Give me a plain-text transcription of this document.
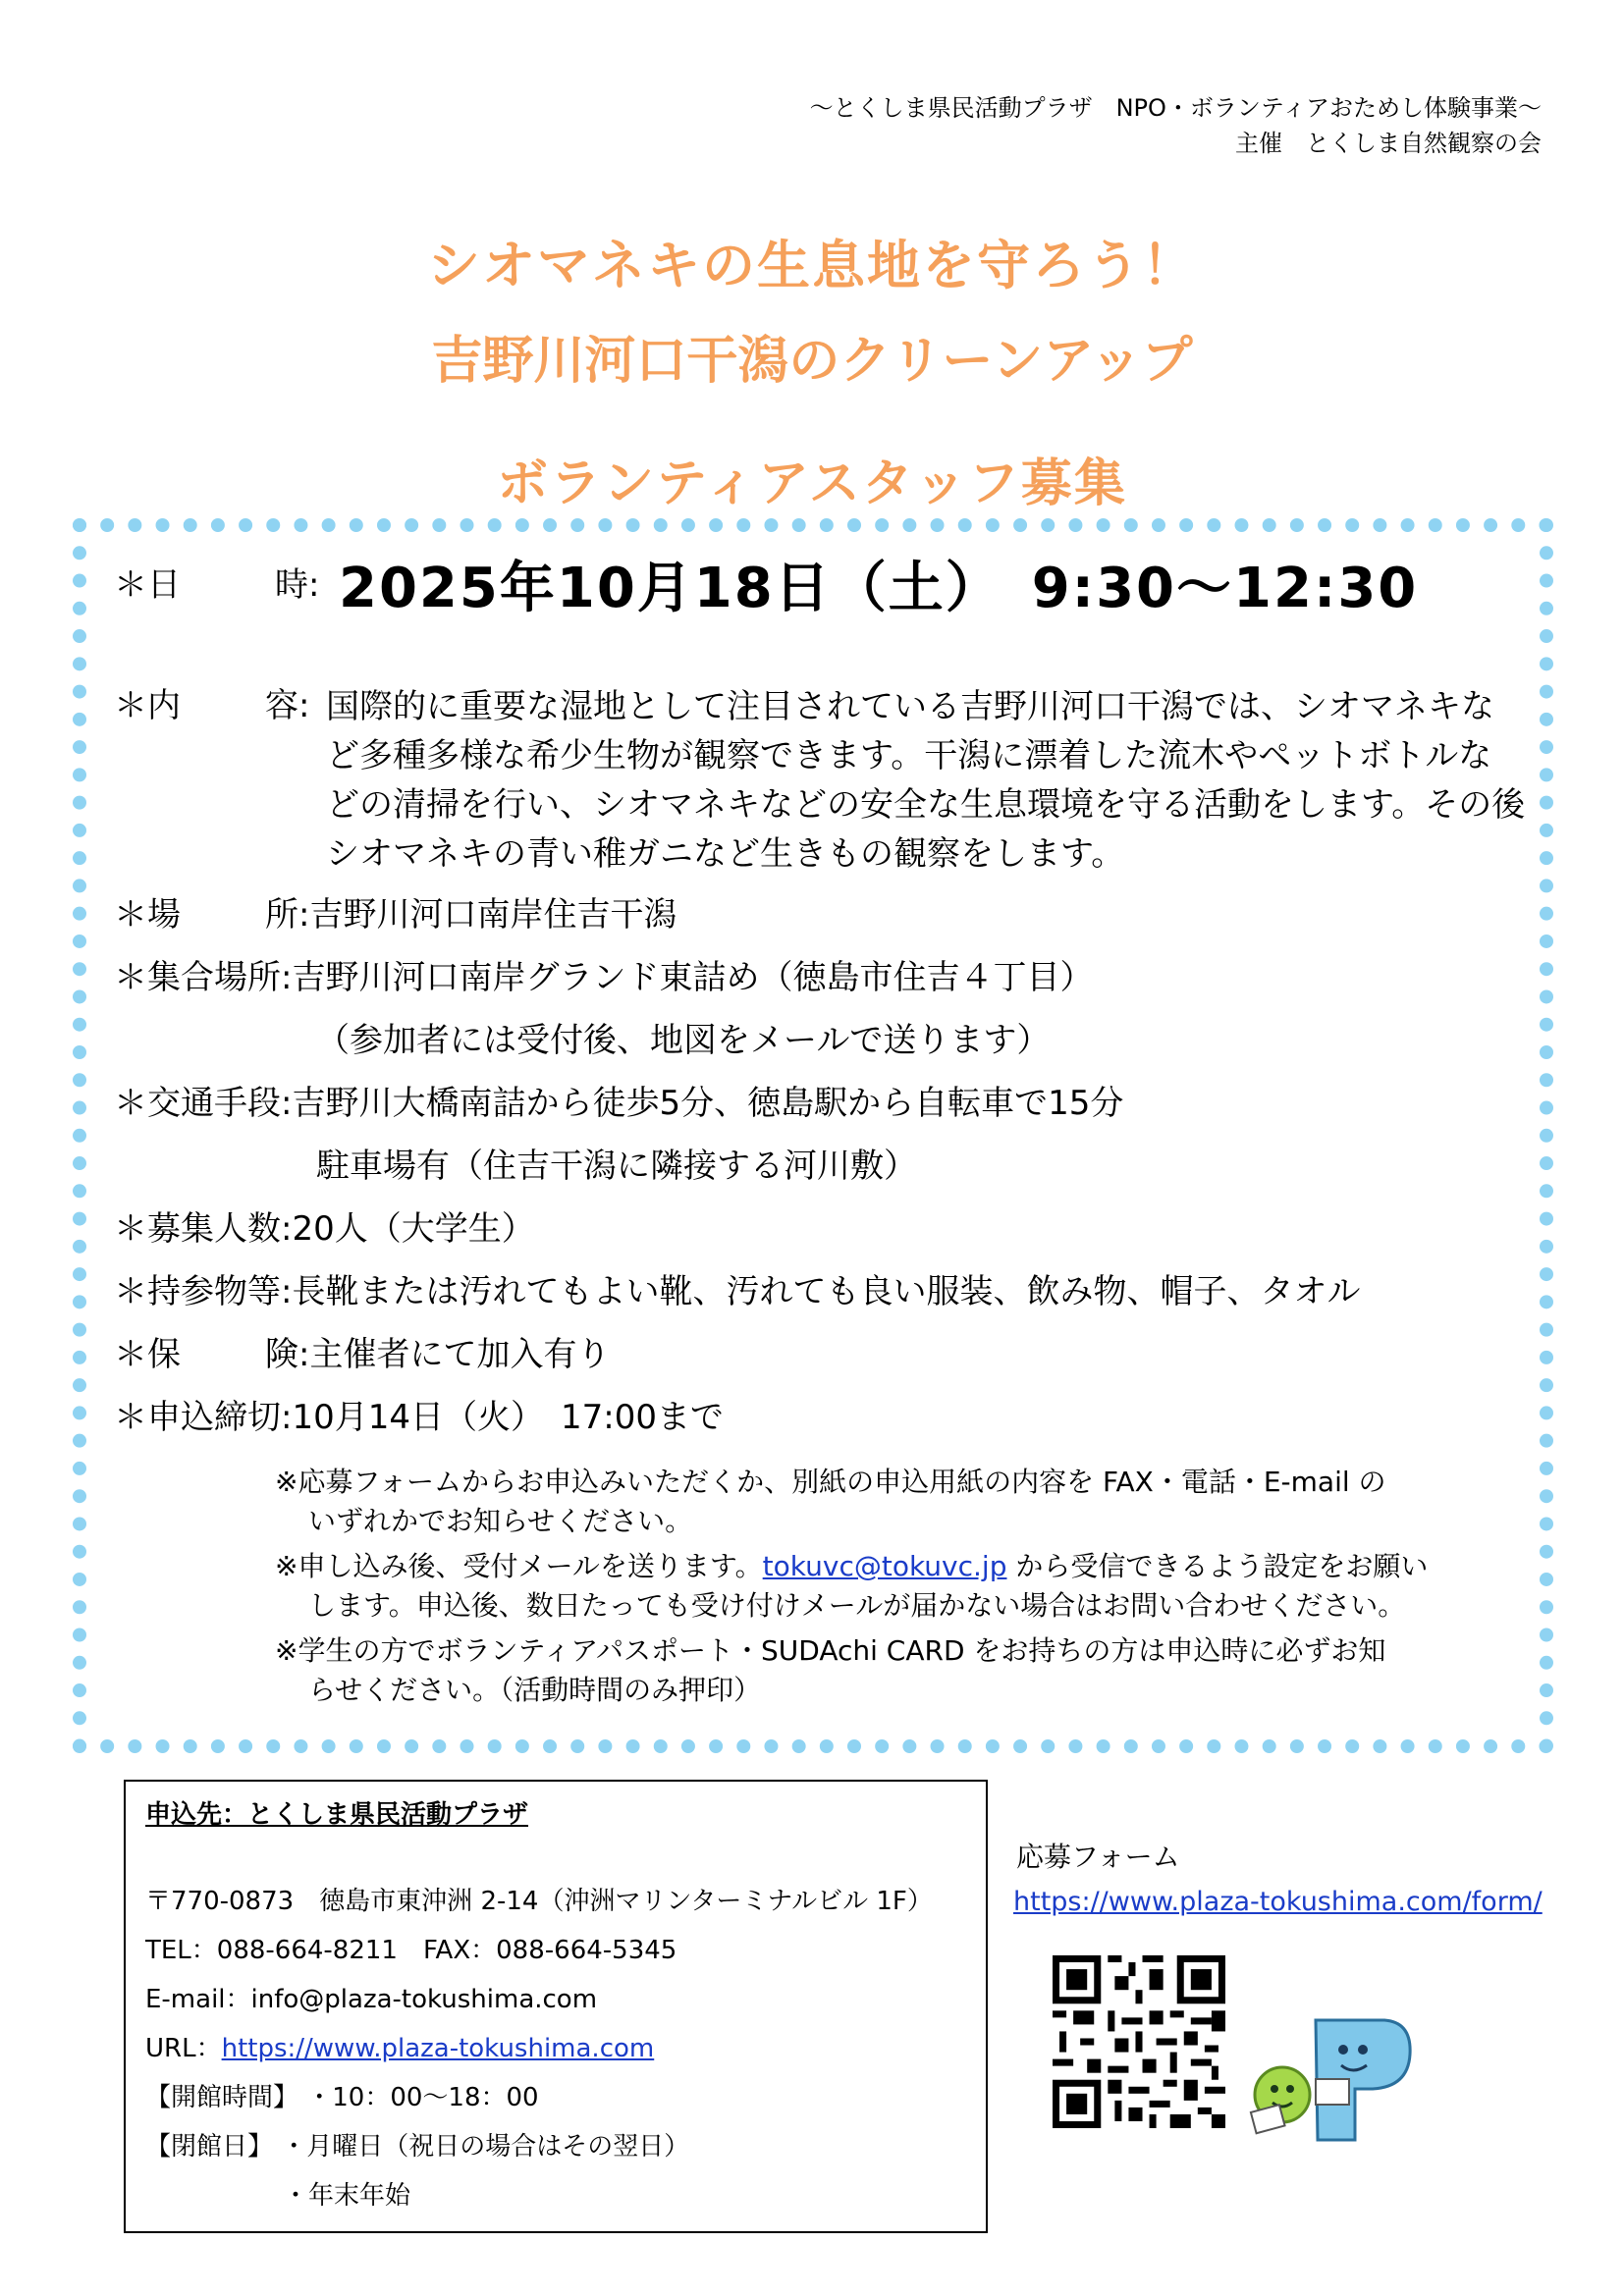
〜とくしま県民活動プラザ　NPO・ボランティアおためし体験事業〜
主催　とくしま自然観察の会
シオマネキの生息地を守ろう！
吉野川河口干潟のクリーンアップ
ボランティアスタッフ募集
＊日	時: 2025年10月18日（土）　9:30〜12:30
＊内	容: 国際的に重要な湿地として注目されている吉野川河口干潟では、シオマネキな
ど多種多様な希少生物が観察できます。干潟に漂着した流木やペットボトルな
どの清掃を行い、シオマネキなどの安全な生息環境を守る活動をします。その後
シオマネキの青い稚ガニなど生きもの観察をします。
＊場	所:吉野川河口南岸住吉干潟
＊集合場所:吉野川河口南岸グランド東詰め（徳島市住吉４丁目）
（参加者には受付後、地図をメールで送ります）
＊交通手段:吉野川大橋南詰から徒歩5分、徳島駅から自転車で15分
駐車場有（住吉干潟に隣接する河川敷）
＊募集人数:20人（大学生）
＊持参物等:長靴または汚れてもよい靴、汚れても良い服装、飲み物、帽子、タオル
＊保	険:主催者にて加入有り
＊申込締切:10月14日（火）　17:00まで
※応募フォームからお申込みいただくか、別紙の申込用紙の内容を FAX・電話・E-mail の
いずれかでお知らせください。
※申し込み後、受付メールを送ります。tokuvc@tokuvc.jp から受信できるよう設定をお願い
します。申込後、数日たっても受け付けメールが届かない場合はお問い合わせください。
※学生の方でボランティアパスポート・SUDAchi CARD をお持ちの方は申込時に必ずお知
らせください。（活動時間のみ押印）
申込先：とくしま県民活動プラザ
〒770-0873　徳島市東沖洲 2-14（沖洲マリンターミナルビル 1F）
TEL：088-664-8211　FAX：088-664-5345
E-mail：info@plaza-tokushima.com
URL：https://www.plaza-tokushima.com
【開館時間】 ・10：00〜18：00
【閉館日】 ・月曜日（祝日の場合はその翌日）
・年末年始
応募フォーム
https://www.plaza-tokushima.com/form/
